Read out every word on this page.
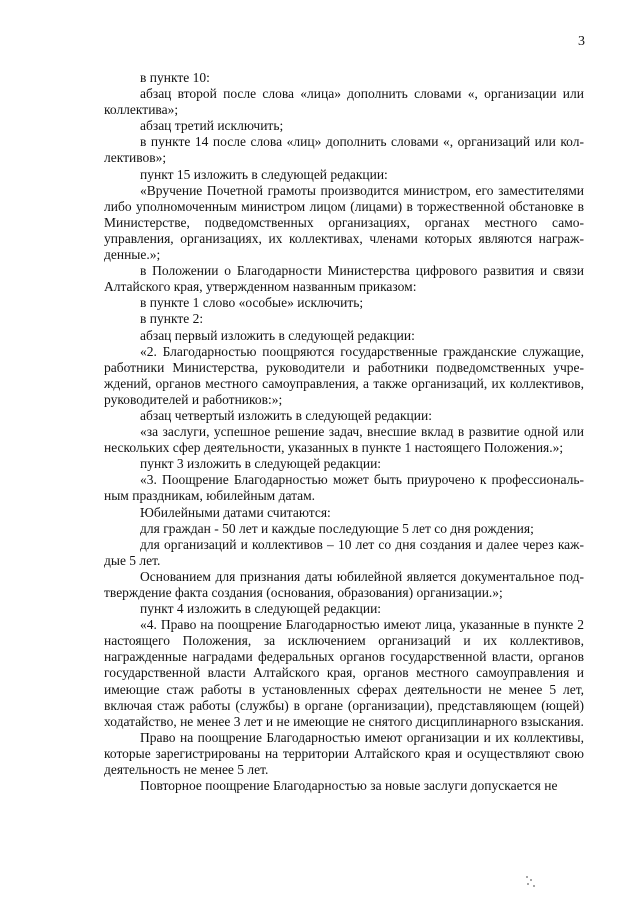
3

в пункте 10:

абзац второй после слова «лица» дополнить словами «, организации или коллектива»;

абзац третий исключить;

в пункте 14 после слова «лиц» дополнить словами «, организаций или коллективов»;

пункт 15 изложить в следующей редакции:

«Вручение Почетной грамоты производится министром, его заместителями либо уполномоченным министром лицом (лицами) в торжественной обстановке в Министерстве, подведомственных организациях, органах местного самоуправления, организациях, их коллективах, членами которых являются награжденные.»;

в Положении о Благодарности Министерства цифрового развития и связи Алтайского края, утвержденном названным приказом:

в пункте 1 слово «особые» исключить;

в пункте 2:

абзац первый изложить в следующей редакции:

«2. Благодарностью поощряются государственные гражданские служащие, работники Министерства, руководители и работники подведомственных учреждений, органов местного самоуправления, а также организаций, их коллективов, руководителей и работников:»;

абзац четвертый изложить в следующей редакции:

«за заслуги, успешное решение задач, внесшие вклад в развитие одной или нескольких сфер деятельности, указанных в пункте 1 настоящего Положения.»;

пункт 3 изложить в следующей редакции:

«3. Поощрение Благодарностью может быть приурочено к профессиональным праздникам, юбилейным датам.

Юбилейными датами считаются:

для граждан - 50 лет и каждые последующие 5 лет со дня рождения;

для организаций и коллективов – 10 лет со дня создания и далее через каждые 5 лет.

Основанием для признания даты юбилейной является документальное подтверждение факта создания (основания, образования) организации.»;

пункт 4 изложить в следующей редакции:

«4. Право на поощрение Благодарностью имеют лица, указанные в пункте 2 настоящего Положения, за исключением организаций и их коллективов, награжденные наградами федеральных органов государственной власти, органов государственной власти Алтайского края, органов местного самоуправления и имеющие стаж работы в установленных сферах деятельности не менее 5 лет, включая стаж работы (службы) в органе (организации), представляющем (ющей) ходатайство, не менее 3 лет и не имеющие не снятого дисциплинарного взыскания.

Право на поощрение Благодарностью имеют организации и их коллективы, которые зарегистрированы на территории Алтайского края и осуществляют свою деятельность не менее 5 лет.

Повторное поощрение Благодарностью за новые заслуги допускается не
